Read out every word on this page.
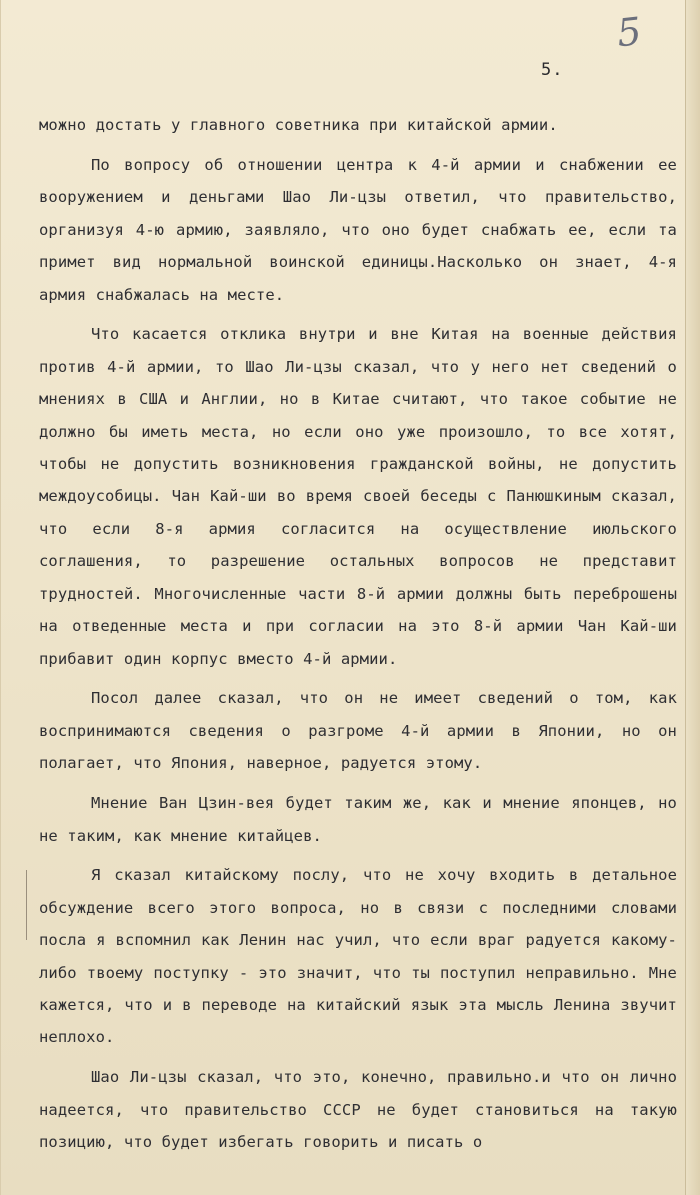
5
5.

можно достать у главного советника при китайской армии.

По вопросу об отношении центра к 4-й армии и снабжении ее вооружением и деньгами Шао Ли-цзы ответил, что правительство, организуя 4-ю армию, заявляло, что оно будет снабжать ее, если та примет вид нормальной воинской единицы.Насколько он знает, 4-я армия снабжалась на месте.

Что касается отклика внутри и вне Китая на военные действия против 4-й армии, то Шао Ли-цзы сказал, что у него нет сведений о мнениях в США и Англии, но в Китае считают, что такое событие не должно бы иметь места, но если оно уже произошло, то все хотят, чтобы не допустить возникновения гражданской войны, не допустить междоусобицы. Чан Кай-ши во время своей беседы с Панюшкиным сказал, что если 8-я армия согласится на осуществление июльского соглашения, то разрешение остальных вопросов не представит трудностей. Многочисленные части 8-й армии должны быть переброшены на отведенные места и при согласии на это 8-й армии Чан Кай-ши прибавит один корпус вместо 4-й армии.

Посол далее сказал, что он не имеет сведений о том, как воспринимаются сведения о разгроме 4-й армии в Японии, но он полагает, что Япония, наверное, радуется этому.

Мнение Ван Цзин-вея будет таким же, как и мнение японцев, но не таким, как мнение китайцев.

Я сказал китайскому послу, что не хочу входить в детальное обсуждение всего этого вопроса, но в связи с последними словами посла я вспомнил как Ленин нас учил, что если враг радуется какому-либо твоему поступку - это значит, что ты поступил неправильно. Мне кажется, что и в переводе на китайский язык эта мысль Ленина звучит неплохо.

Шао Ли-цзы сказал, что это, конечно, правильно.и что он лично надеется, что правительство СССР не будет становиться на такую позицию, что будет избегать говорить и писать о
